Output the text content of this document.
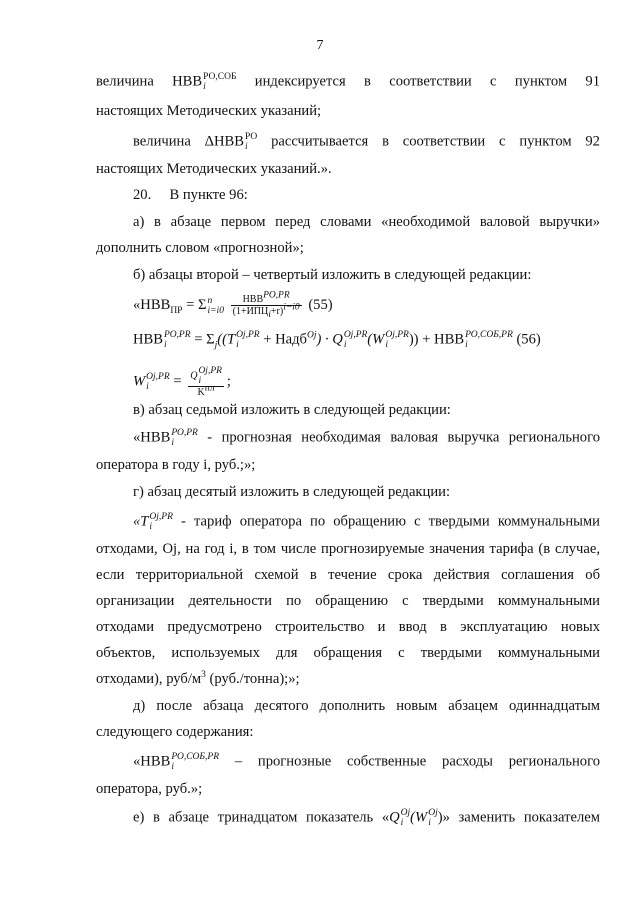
7
величина НВВ РО,СОБ
i	индексируется в соответствии с пунктом 91
настоящих Методических указаний;
величина ΔНВВ РО
i	рассчитывается в соответствии с пунктом 92
настоящих Методических указаний.».
20.     В пункте 96:
а) в абзаце первом перед словами «необходимой валовой выручки»
дополнить словом «прогнозной»;
б) абзацы второй – четвертый изложить в следующей редакции:
«$НВВ_{ПР} = \Sigma$ n
i=i0
$\frac{НВВ^{РО,PR}}{(1+ИПЦ_i+r)^{i-i0}} (55)$
НВВ РО,PR
i	= $\Sigma_j((T$ Oj,PR
i	+ Надб$^{Oj}$) · Q Oj,PR
i	(W Oj,PR
i	)) + НВВ РО,СОБ,PR
i	(56)
W Oj,PR
i	= Q Oj,PR
i
$K^{пл}$ ;
в) абзац седьмой изложить в следующей редакции:
«НВВ РО,PR
i	- прогнозная необходимая валовая выручка регионального
оператора в году i, руб.;»;
г) абзац десятый изложить в следующей редакции:
«T Oj,PR
i	- тариф оператора по обращению с твердыми коммунальными
отходами, Oj, на год i, в том числе прогнозируемые значения тарифа (в случае,
если территориальной схемой в течение срока действия соглашения об
организации деятельности по обращению с твердыми коммунальными
отходами предусмотрено строительство и ввод в эксплуатацию новых
объектов, используемых для обращения с твердыми коммунальными
отходами), руб/$м^3$ (руб./тонна);»;
д) после абзаца десятого дополнить новым абзацем одиннадцатым
следующего содержания:
«НВВ РО,СОБ,PR
i	– прогнозные собственные расходы регионального
оператора, руб.»;
е) в абзаце тринадцатом показатель «Q Oj
i (W Oj
i )» заменить показателем
